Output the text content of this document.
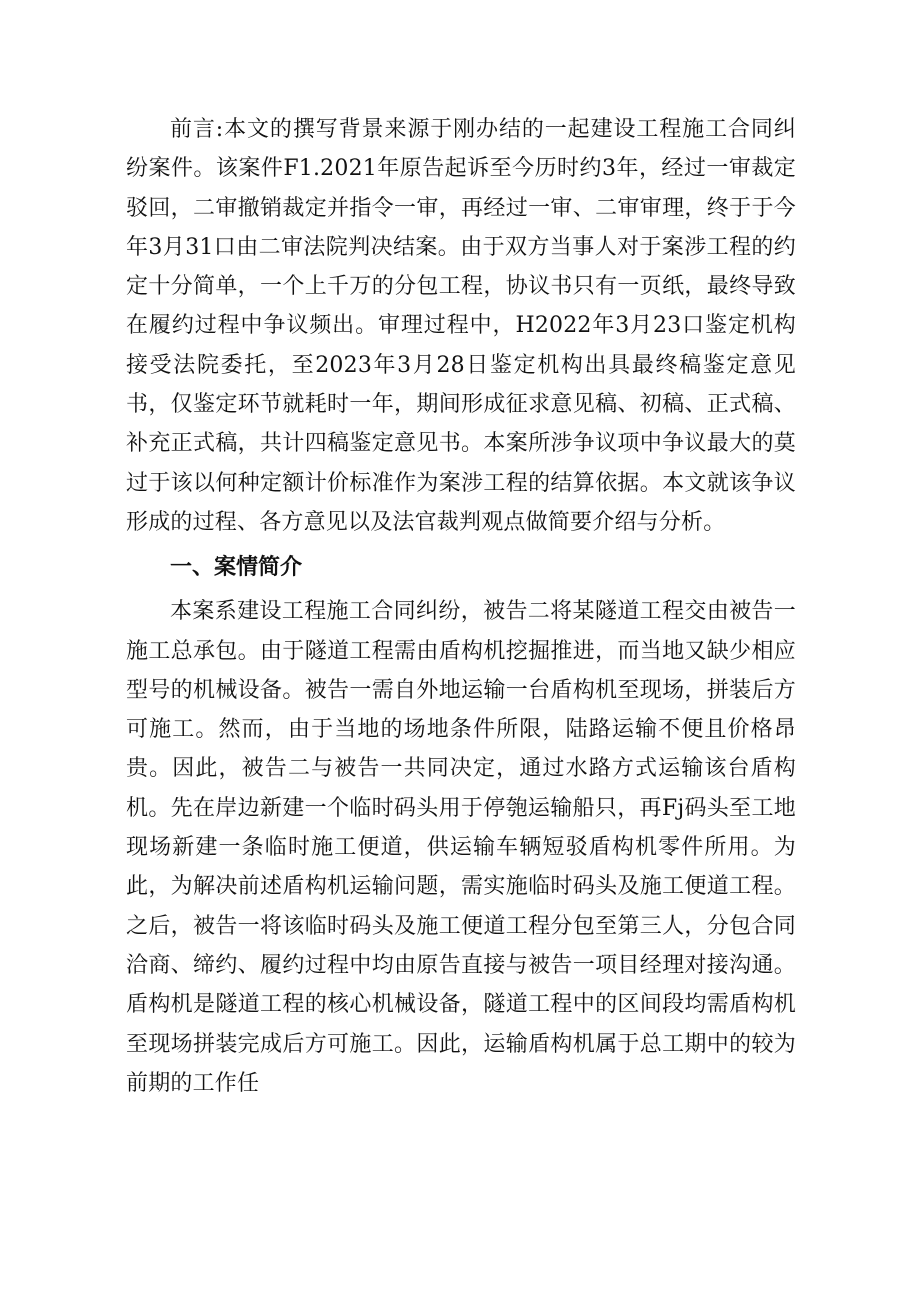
前言:本文的撰写背景来源于刚办结的一起建设工程施工合同纠纷案件。该案件F1.2021年原告起诉至今历时约3年，经过一审裁定驳回，二审撤销裁定并指令一审，再经过一审、二审审理，终于于今年3月31口由二审法院判决结案。由于双方当事人对于案涉工程的约定十分简单，一个上千万的分包工程，协议书只有一页纸，最终导致在履约过程中争议频出。审理过程中，H2022年3月23口鉴定机构接受法院委托，至2023年3月28日鉴定机构出具最终稿鉴定意见书，仅鉴定环节就耗时一年，期间形成征求意见稿、初稿、正式稿、补充正式稿，共计四稿鉴定意见书。本案所涉争议项中争议最大的莫过于该以何种定额计价标准作为案涉工程的结算依据。本文就该争议形成的过程、各方意见以及法官裁判观点做简要介绍与分析。

一、案情简介

本案系建设工程施工合同纠纷，被告二将某隧道工程交由被告一施工总承包。由于隧道工程需由盾构机挖掘推进，而当地又缺少相应型号的机械设备。被告一需自外地运输一台盾构机至现场，拼装后方可施工。然而，由于当地的场地条件所限，陆路运输不便且价格昂贵。因此，被告二与被告一共同决定，通过水路方式运输该台盾构机。先在岸边新建一个临时码头用于停匏运输船只，再Fj码头至工地现场新建一条临时施工便道，供运输车辆短驳盾构机零件所用。为此，为解决前述盾构机运输问题，需实施临时码头及施工便道工程。之后，被告一将该临时码头及施工便道工程分包至第三人，分包合同洽商、缔约、履约过程中均由原告直接与被告一项目经理对接沟通。盾构机是隧道工程的核心机械设备，隧道工程中的区间段均需盾构机至现场拼装完成后方可施工。因此，运输盾构机属于总工期中的较为前期的工作任
